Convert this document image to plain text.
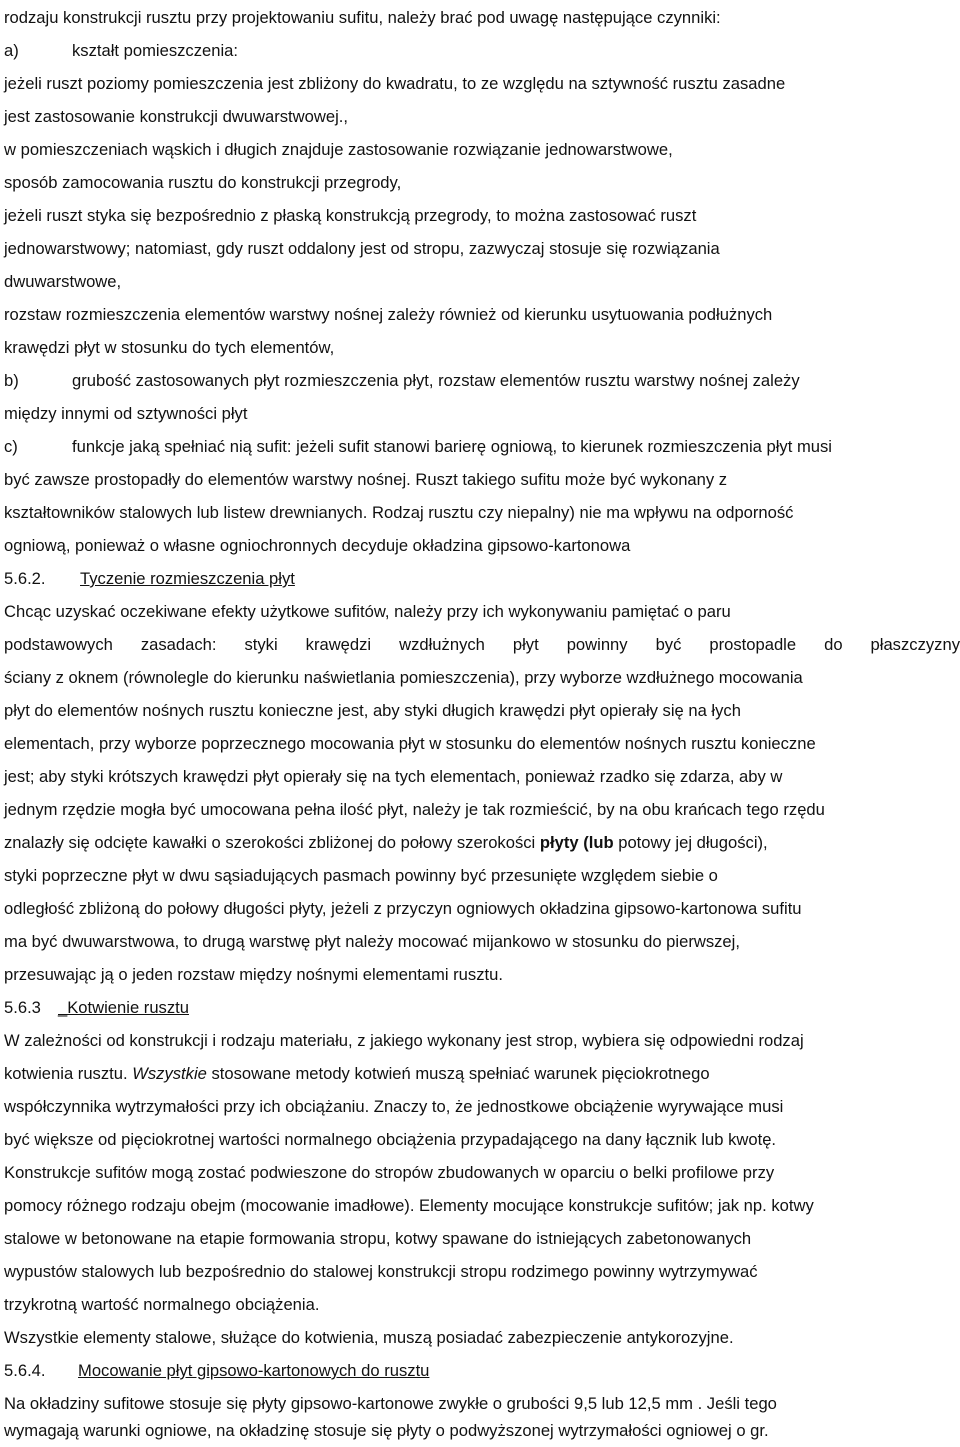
rodzaju konstrukcji rusztu przy projektowaniu sufitu, należy brać pod uwagę następujące czynniki:
a)	kształt pomieszczenia:
jeżeli ruszt poziomy pomieszczenia jest zbliżony do kwadratu, to ze względu na sztywność rusztu zasadne
jest zastosowanie konstrukcji dwuwarstwowej.,
w pomieszczeniach wąskich i długich znajduje zastosowanie rozwiązanie jednowarstwowe,
sposób zamocowania rusztu do konstrukcji przegrody,
jeżeli ruszt styka się bezpośrednio z płaską konstrukcją przegrody, to można zastosować ruszt
jednowarstwowy; natomiast, gdy ruszt oddalony jest od stropu, zazwyczaj stosuje się rozwiązania
dwuwarstwowe,
rozstaw rozmieszczenia elementów warstwy nośnej zależy również od kierunku usytuowania podłużnych
krawędzi płyt w stosunku do tych elementów,
b)	grubość zastosowanych płyt rozmieszczenia płyt, rozstaw elementów rusztu warstwy nośnej zależy
między innymi od sztywności płyt
c)	funkcje jaką spełniać nią sufit: jeżeli sufit stanowi barierę ogniową, to kierunek rozmieszczenia płyt musi
być zawsze prostopadły do elementów warstwy nośnej. Ruszt takiego sufitu może być wykonany z
kształtowników stalowych lub listew drewnianych. Rodzaj rusztu czy niepalny) nie ma wpływu na odporność
ogniową, ponieważ o własne ogniochronnych decyduje okładzina gipsowo-kartonowa
5.6.2. Tyczenie rozmieszczenia płyt
Chcąc uzyskać oczekiwane efekty użytkowe sufitów, należy przy ich wykonywaniu pamiętać o paru
podstawowych zasadach: styki krawędzi wzdłużnych płyt powinny być prostopadle do płaszczyzny
ściany z oknem (równolegle do kierunku naświetlania pomieszczenia), przy wyborze wzdłużnego mocowania
płyt do elementów nośnych rusztu konieczne jest, aby styki długich krawędzi płyt opierały się na łych
elementach, przy wyborze poprzecznego mocowania płyt w stosunku do elementów nośnych rusztu konieczne
jest; aby styki krótszych krawędzi płyt opierały się na tych elementach, ponieważ rzadko się zdarza, aby w
jednym rzędzie mogła być umocowana pełna ilość płyt, należy je tak rozmieścić, by na obu krańcach tego rzędu
znalazły się odcięte kawałki o szerokości zbliżonej do połowy szerokości płyty (lub potowy jej długości),
styki poprzeczne płyt w dwu sąsiadujących pasmach powinny być przesunięte względem siebie o
odległość zbliżoną do połowy długości płyty, jeżeli z przyczyn ogniowych okładzina gipsowo-kartonowa sufitu
ma być dwuwarstwowa, to drugą warstwę płyt należy mocować mijankowo w stosunku do pierwszej,
przesuwając ją o jeden rozstaw między nośnymi elementami rusztu.
5.6.3 _Kotwienie rusztu
W zależności od konstrukcji i rodzaju materiału, z jakiego wykonany jest strop, wybiera się odpowiedni rodzaj
kotwienia rusztu. Wszystkie stosowane metody kotwień muszą spełniać warunek pięciokrotnego
współczynnika wytrzymałości przy ich obciążaniu. Znaczy to, że jednostkowe obciążenie wyrywające musi
być większe od pięciokrotnej wartości normalnego obciążenia przypadającego na dany łącznik lub kwotę.
Konstrukcje sufitów mogą zostać podwieszone do stropów zbudowanych w oparciu o belki profilowe przy
pomocy różnego rodzaju obejm (mocowanie imadłowe). Elementy mocujące konstrukcje sufitów; jak np. kotwy
stalowe w betonowane na etapie formowania stropu, kotwy spawane do istniejących zabetonowanych
wypustów stalowych lub bezpośrednio do stalowej konstrukcji stropu rodzimego powinny wytrzymywać
trzykrotną wartość normalnego obciążenia.
Wszystkie elementy stalowe, służące do kotwienia, muszą posiadać zabezpieczenie antykorozyjne.
5.6.4. Mocowanie płyt gipsowo-kartonowych do rusztu
Na okładziny sufitowe stosuje się płyty gipsowo-kartonowe zwykłe o grubości 9,5 lub 12,5 mm . Jeśli tego
wymagają warunki ogniowe, na okładzinę stosuje się płyty o podwyższonej wytrzymałości ogniowej o gr.
